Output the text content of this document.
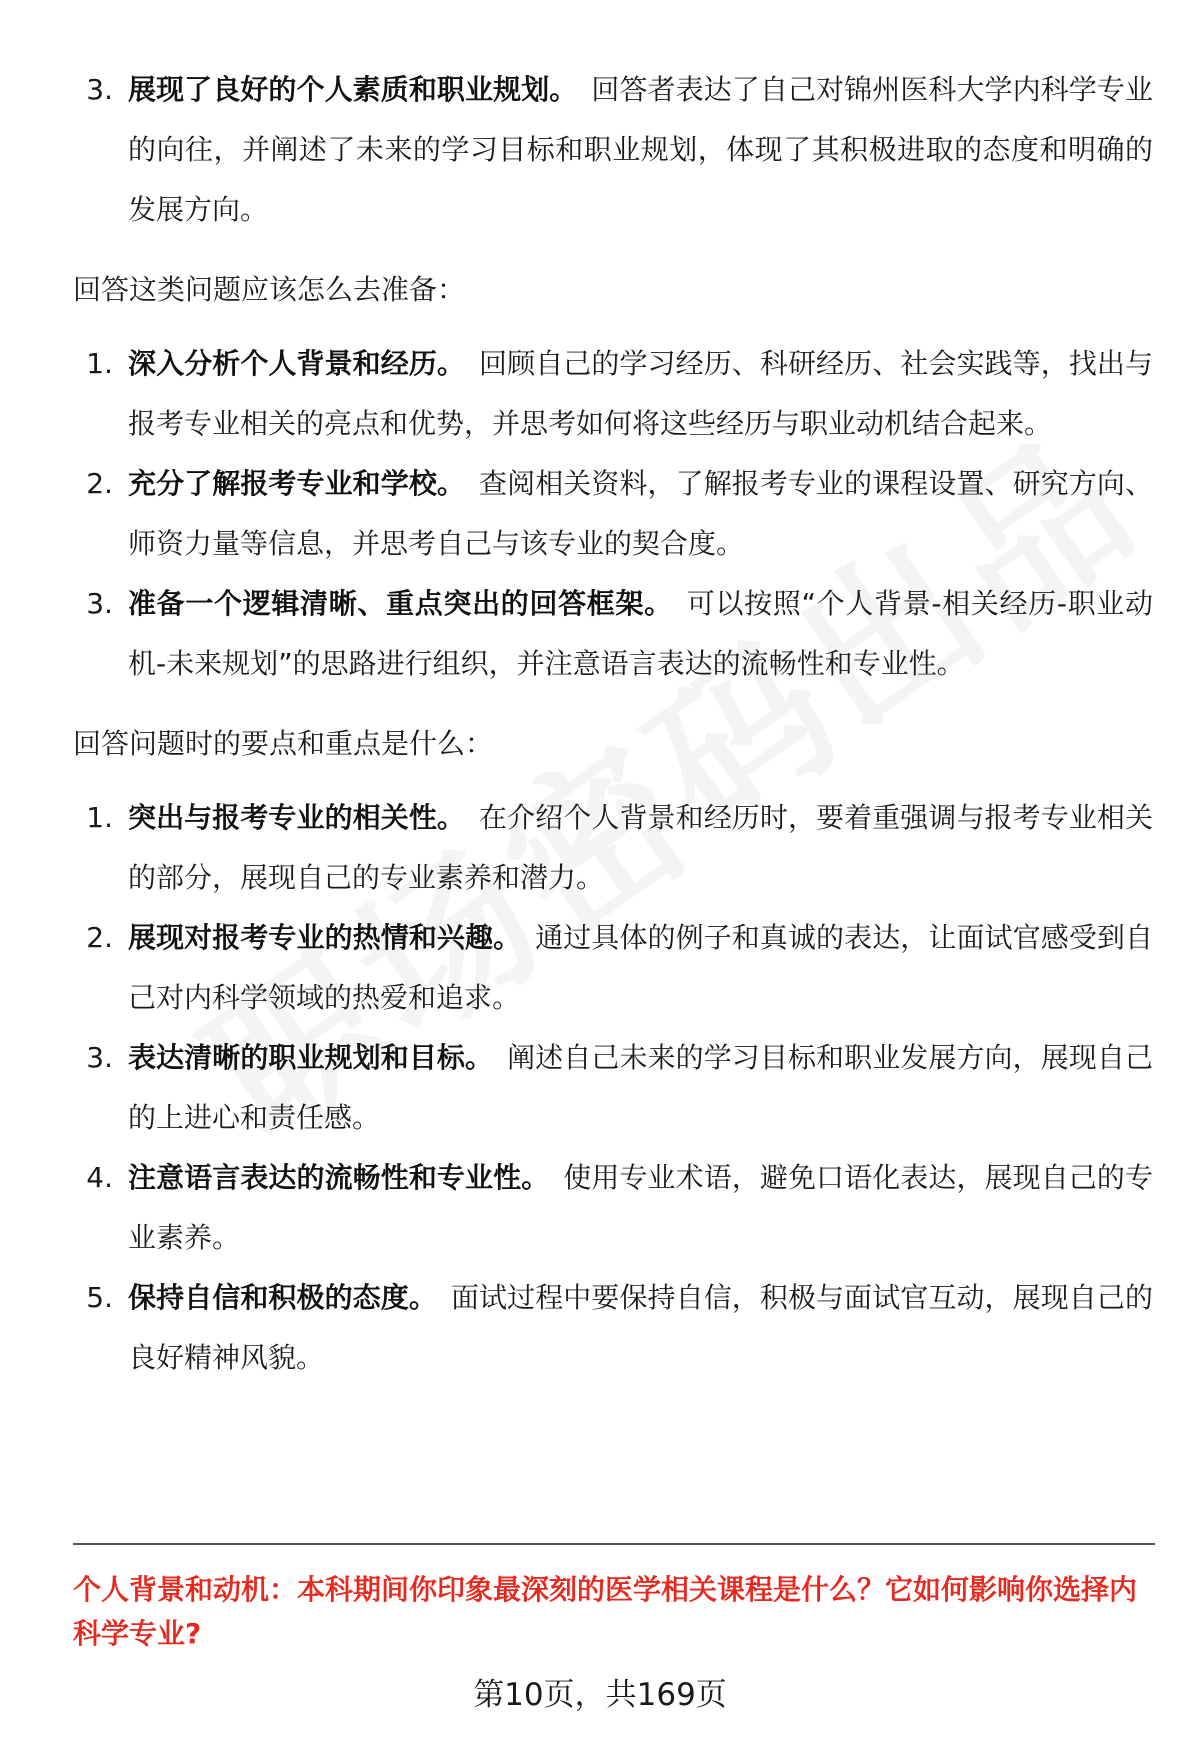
3. 展现了良好的个人素质和职业规划。 回答者表达了自己对锦州医科大学内科学专业的向往，并阐述了未来的学习目标和职业规划，体现了其积极进取的态度和明确的发展方向。
回答这类问题应该怎么去准备：
1. 深入分析个人背景和经历。 回顾自己的学习经历、科研经历、社会实践等，找出与报考专业相关的亮点和优势，并思考如何将这些经历与职业动机结合起来。
2. 充分了解报考专业和学校。 查阅相关资料，了解报考专业的课程设置、研究方向、师资力量等信息，并思考自己与该专业的契合度。
3. 准备一个逻辑清晰、重点突出的回答框架。 可以按照“个人背景-相关经历-职业动机-未来规划”的思路进行组织，并注意语言表达的流畅性和专业性。
回答问题时的要点和重点是什么：
1. 突出与报考专业的相关性。 在介绍个人背景和经历时，要着重强调与报考专业相关的部分，展现自己的专业素养和潜力。
2. 展现对报考专业的热情和兴趣。 通过具体的例子和真诚的表达，让面试官感受到自己对内科学领域的热爱和追求。
3. 表达清晰的职业规划和目标。 阐述自己未来的学习目标和职业发展方向，展现自己的上进心和责任感。
4. 注意语言表达的流畅性和专业性。 使用专业术语，避免口语化表达，展现自己的专业素养。
5. 保持自信和积极的态度。 面试过程中要保持自信，积极与面试官互动，展现自己的良好精神风貌。
个人背景和动机：本科期间你印象最深刻的医学相关课程是什么？它如何影响你选择内科学专业?
第10页，共169页
